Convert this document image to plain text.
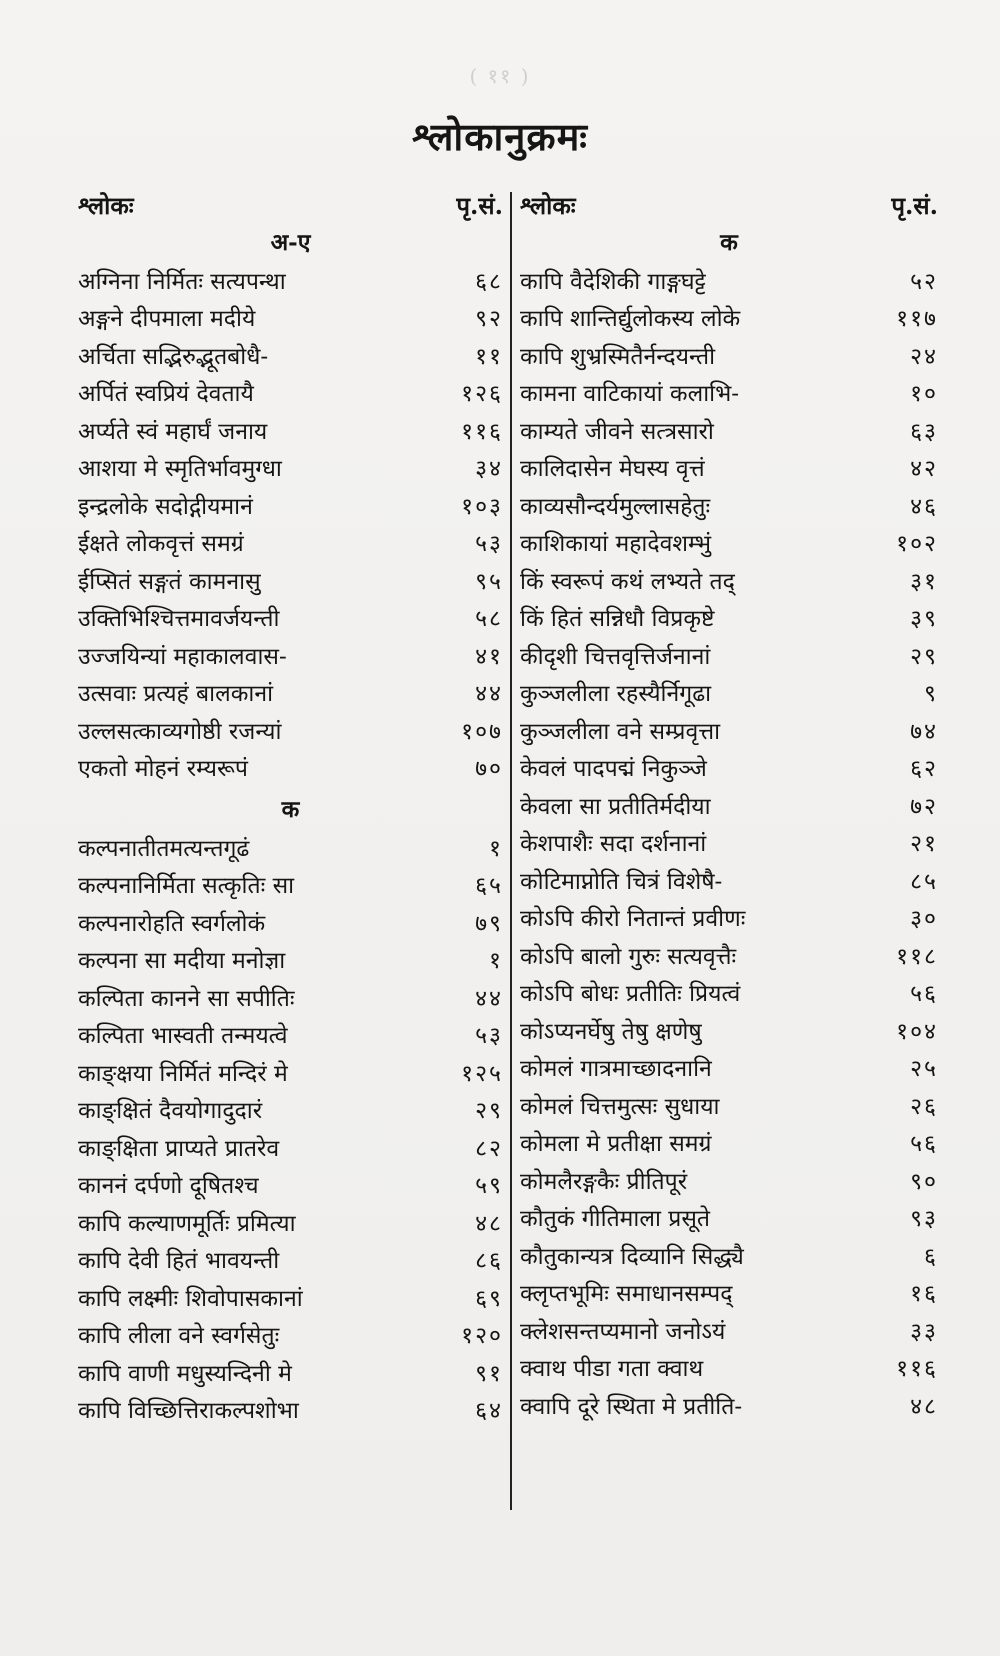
( ११ )
श्लोकानुक्रमः
श्लोकः	पृ.सं.
अ-ए
अग्निना निर्मितः सत्यपन्था	६८
अङ्गने दीपमाला मदीये	९२
अर्चिता सद्भिरुद्भूतबोधै-	११
अर्पितं स्वप्रियं देवतायै	१२६
अर्प्यते स्वं महार्घं जनाय	११६
आशया मे स्मृतिर्भावमुग्धा	३४
इन्द्रलोके सदोद्गीयमानं	१०३
ईक्षते लोकवृत्तं समग्रं	५३
ईप्सितं सङ्गतं कामनासु	९५
उक्तिभिश्चित्तमावर्जयन्ती	५८
उज्जयिन्यां महाकालवास-	४१
उत्सवाः प्रत्यहं बालकानां	४४
उल्लसत्काव्यगोष्ठी रजन्यां	१०७
एकतो मोहनं रम्यरूपं	७०
क
कल्पनातीतमत्यन्तगूढं	१
कल्पनानिर्मिता सत्कृतिः सा	६५
कल्पनारोहति स्वर्गलोकं	७९
कल्पना सा मदीया मनोज्ञा	१
कल्पिता कानने सा सपीतिः	४४
कल्पिता भास्वती तन्मयत्वे	५३
काङ्क्षया निर्मितं मन्दिरं मे	१२५
काङ्क्षितं दैवयोगादुदारं	२९
काङ्क्षिता प्राप्यते प्रातरेव	८२
काननं दर्पणो दूषितश्च	५९
कापि कल्याणमूर्तिः प्रमित्या	४८
कापि देवी हितं भावयन्ती	८६
कापि लक्ष्मीः शिवोपासकानां	६९
कापि लीला वने स्वर्गसेतुः	१२०
कापि वाणी मधुस्यन्दिनी मे	९१
कापि विच्छित्तिराकल्पशोभा	६४
श्लोकः	पृ.सं.
क
कापि वैदेशिकी गाङ्गघट्टे	५२
कापि शान्तिर्द्युलोकस्य लोके	११७
कापि शुभ्रस्मितैर्नन्दयन्ती	२४
कामना वाटिकायां कलाभि-	१०
काम्यते जीवने सत्त्रसारो	६३
कालिदासेन मेघस्य वृत्तं	४२
काव्यसौन्दर्यमुल्लासहेतुः	४६
काशिकायां महादेवशम्भुं	१०२
किं स्वरूपं कथं लभ्यते तद्	३१
किं हितं सन्निधौ विप्रकृष्टे	३९
कीदृशी चित्तवृत्तिर्जनानां	२९
कुञ्जलीला रहस्यैर्निगूढा	९
कुञ्जलीला वने सम्प्रवृत्ता	७४
केवलं पादपद्मं निकुञ्जे	६२
केवला सा प्रतीतिर्मदीया	७२
केशपाशैः सदा दर्शनानां	२१
कोटिमाप्नोति चित्रं विशेषै-	८५
कोऽपि कीरो नितान्तं प्रवीणः	३०
कोऽपि बालो गुरुः सत्यवृत्तैः	११८
कोऽपि बोधः प्रतीतिः प्रियत्वं	५६
कोऽप्यनर्घेषु तेषु क्षणेषु	१०४
कोमलं गात्रमाच्छादनानि	२५
कोमलं चित्तमुत्सः सुधाया	२६
कोमला मे प्रतीक्षा समग्रं	५६
कोमलैरङ्गकैः प्रीतिपूरं	९०
कौतुकं गीतिमाला प्रसूते	९३
कौतुकान्यत्र दिव्यानि सिद्ध्यै	६
क्लृप्तभूमिः समाधानसम्पद्	१६
क्लेशसन्तप्यमानो जनोऽयं	३३
क्वाथ पीडा गता क्वाथ	११६
क्वापि दूरे स्थिता मे प्रतीति-	४८
